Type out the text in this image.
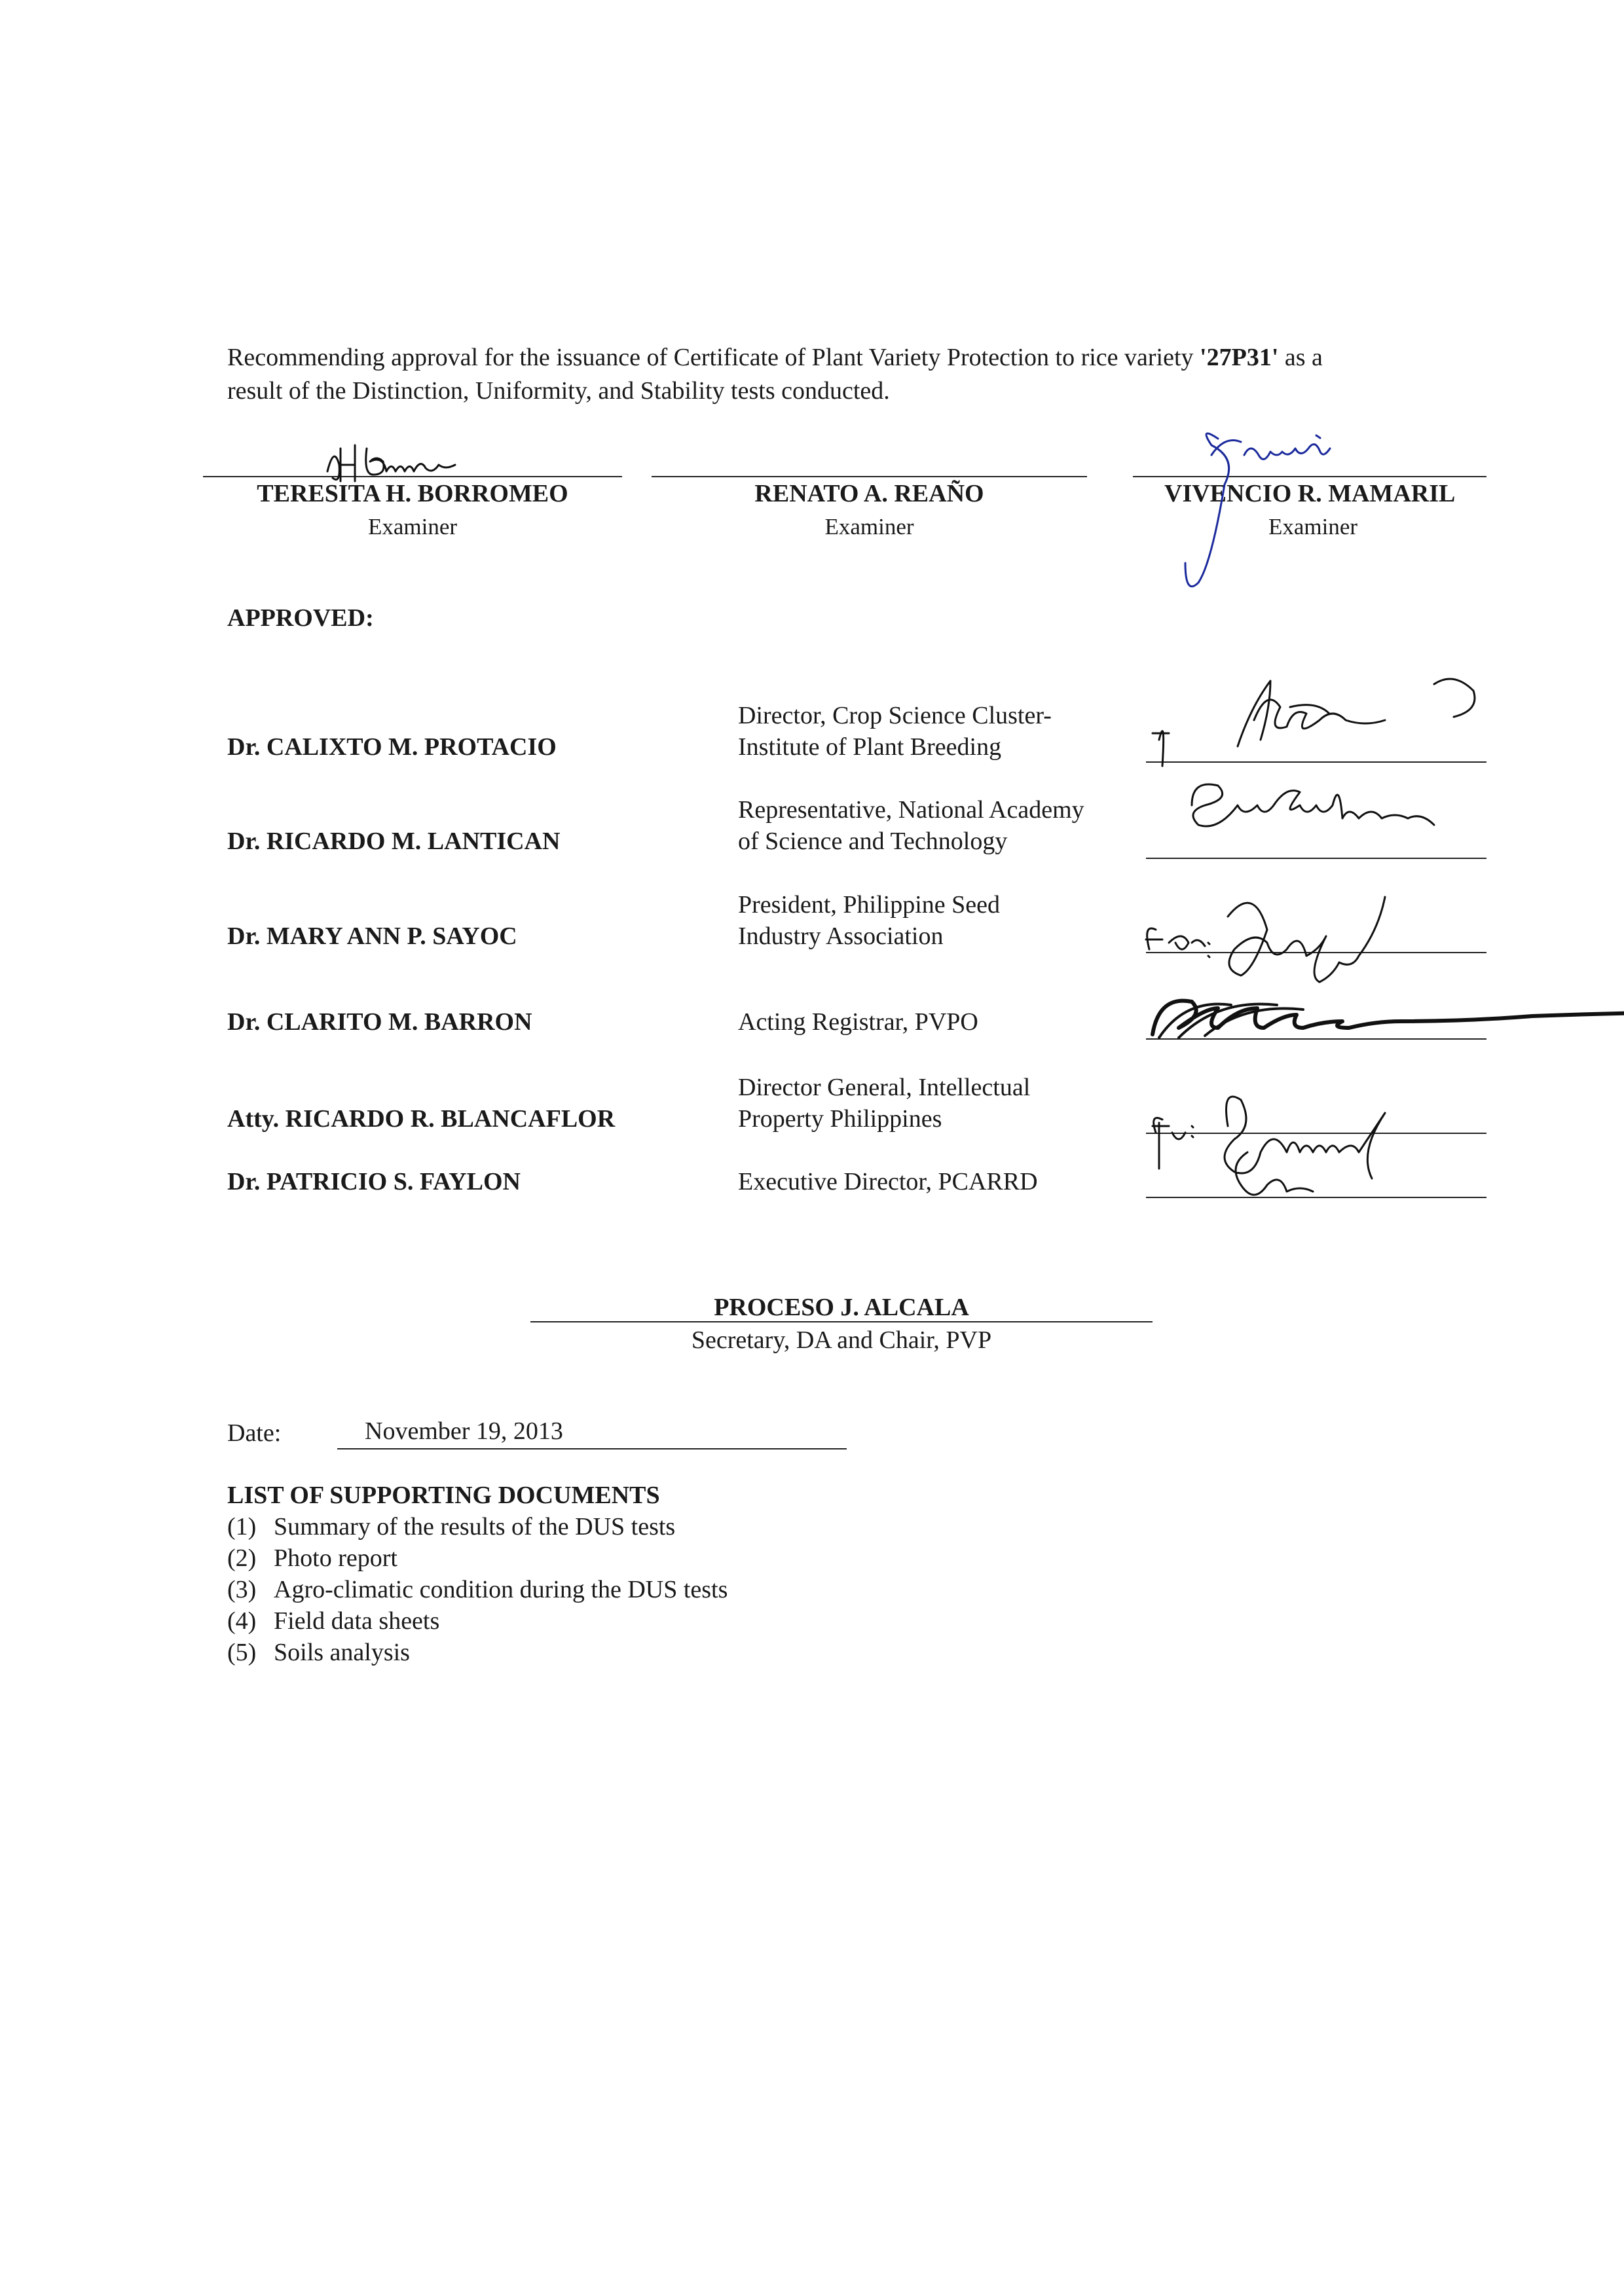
Recommending approval for the issuance of Certificate of Plant Variety Protection to rice variety '27P31' as a
result of the Distinction, Uniformity, and Stability tests conducted.
TERESITA H. BORROMEO
Examiner
RENATO A. REAÑO
Examiner
VIVENCIO R. MAMARIL
Examiner
APPROVED:
Dr. CALIXTO M. PROTACIO
Director, Crop Science Cluster-
Institute of Plant Breeding
Dr. RICARDO M. LANTICAN
Representative, National Academy
of Science and Technology
Dr. MARY ANN P. SAYOC
President, Philippine Seed
Industry Association
Dr. CLARITO M. BARRON	Acting Registrar, PVPO
Atty. RICARDO R. BLANCAFLOR
Director General, Intellectual
Property Philippines
Dr. PATRICIO S. FAYLON	Executive Director, PCARRD
PROCESO J. ALCALA
Secretary, DA and Chair, PVP
Date:	November 19, 2013
LIST OF SUPPORTING DOCUMENTS
(1) Summary of the results of the DUS tests
(2) Photo report
(3) Agro-climatic condition during the DUS tests
(4) Field data sheets
(5) Soils analysis
